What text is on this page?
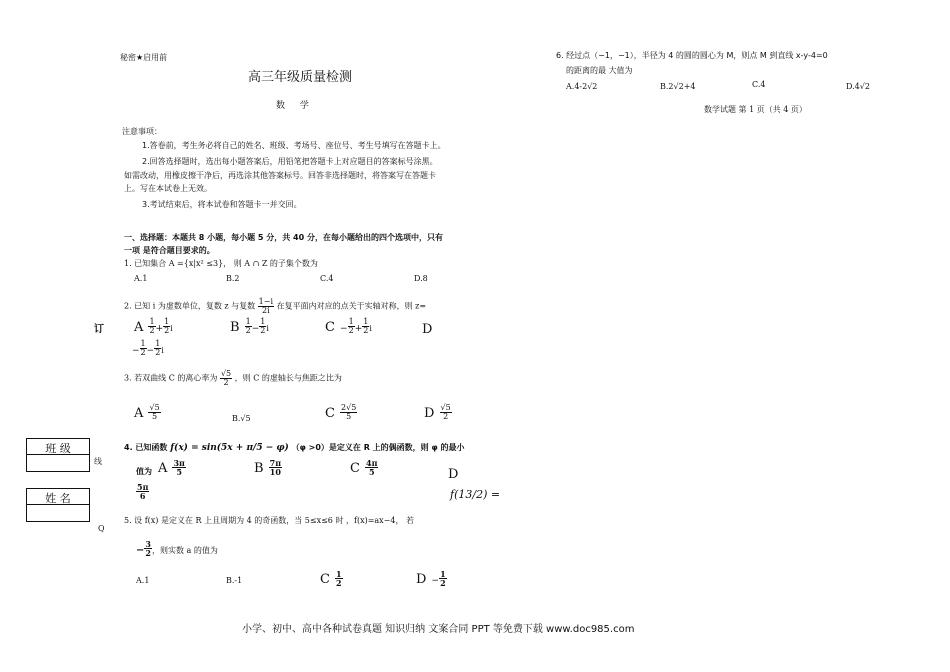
秘密★启用前
高三年级质量检测
数 学
注意事项：
1.答卷前，考生务必将自己的姓名、班级、考场号、座位号、考生号填写在答题卡上。
2.回答选择题时，选出每小题答案后，用铅笔把答题卡上对应题目的答案标号涂黑。
如需改动，用橡皮擦干净后，再选涂其他答案标号。回答非选择题时，将答案写在答题卡
上。写在本试卷上无效。
3.考试结束后，将本试卷和答题卡一并交回。
一、选择题：本题共 8 小题，每小题 5 分，共 40 分，在每小题给出的四个选项中，只有
一项 是符合题目要求的。
1. 已知集合 A ={x|x² ≤3}， 则 A ∩ Z 的子集个数为
A.1	B.2	C.4	D.8
2. 已知 i 为虚数单位，复数 z 与复数 $\frac{1-i}{2i}$ 在复平面内对应的点关于实轴对称，则 z=
A $\frac{1}{2} + \frac{1}{2}$ i	B $\frac{1}{2} - \frac{1}{2}$ i	$C - \frac{1}{2} + \frac{1}{2}$ i	D
− $\frac{1}{2} - \frac{1}{2}$ i
3. 若双曲线 C 的离心率为 $\frac{√5}{2}$ ，则 C 的虚轴长与焦距之比为
A $\frac{√5}{5}$	B.√5	C $\frac{2√5}{5}$	D $\frac{√5}{2}$
4. 已知函数 f(x) = sin(5x + π/5 − φ) （φ >0）是定义在 R 上的偶函数，则 φ 的最小
值为 A $\frac{3\pi}{5}$	B $\frac{7\pi}{10}$	C $\frac{4\pi}{5}$	D
$\frac{5\pi}{6}$	f(13/2) =
5. 设 f(x) 是定义在 R 上且周期为 4 的奇函数，当 5≤x≤6 时 ，f(x)=ax−4， 若
− $\frac{3}{2}$ ，则实数 a 的值为
A.1	B.-1	C $\frac{1}{2}$	$D - \frac{1}{2}$
6. 经过点（−1，−1），半径为 4 的圆的圆心为 M，则点 M 到直线 x-y-4=0
的距离的最 大值为
A.4-2√2	B.2√2+4	C.4	D.4√2
数学试题 第 1 页（共 4 页）
订
线
Q
班 级
姓 名
小学、初中、高中各种试卷真题 知识归纳 文案合同 PPT 等免费下载 www.doc985.com
